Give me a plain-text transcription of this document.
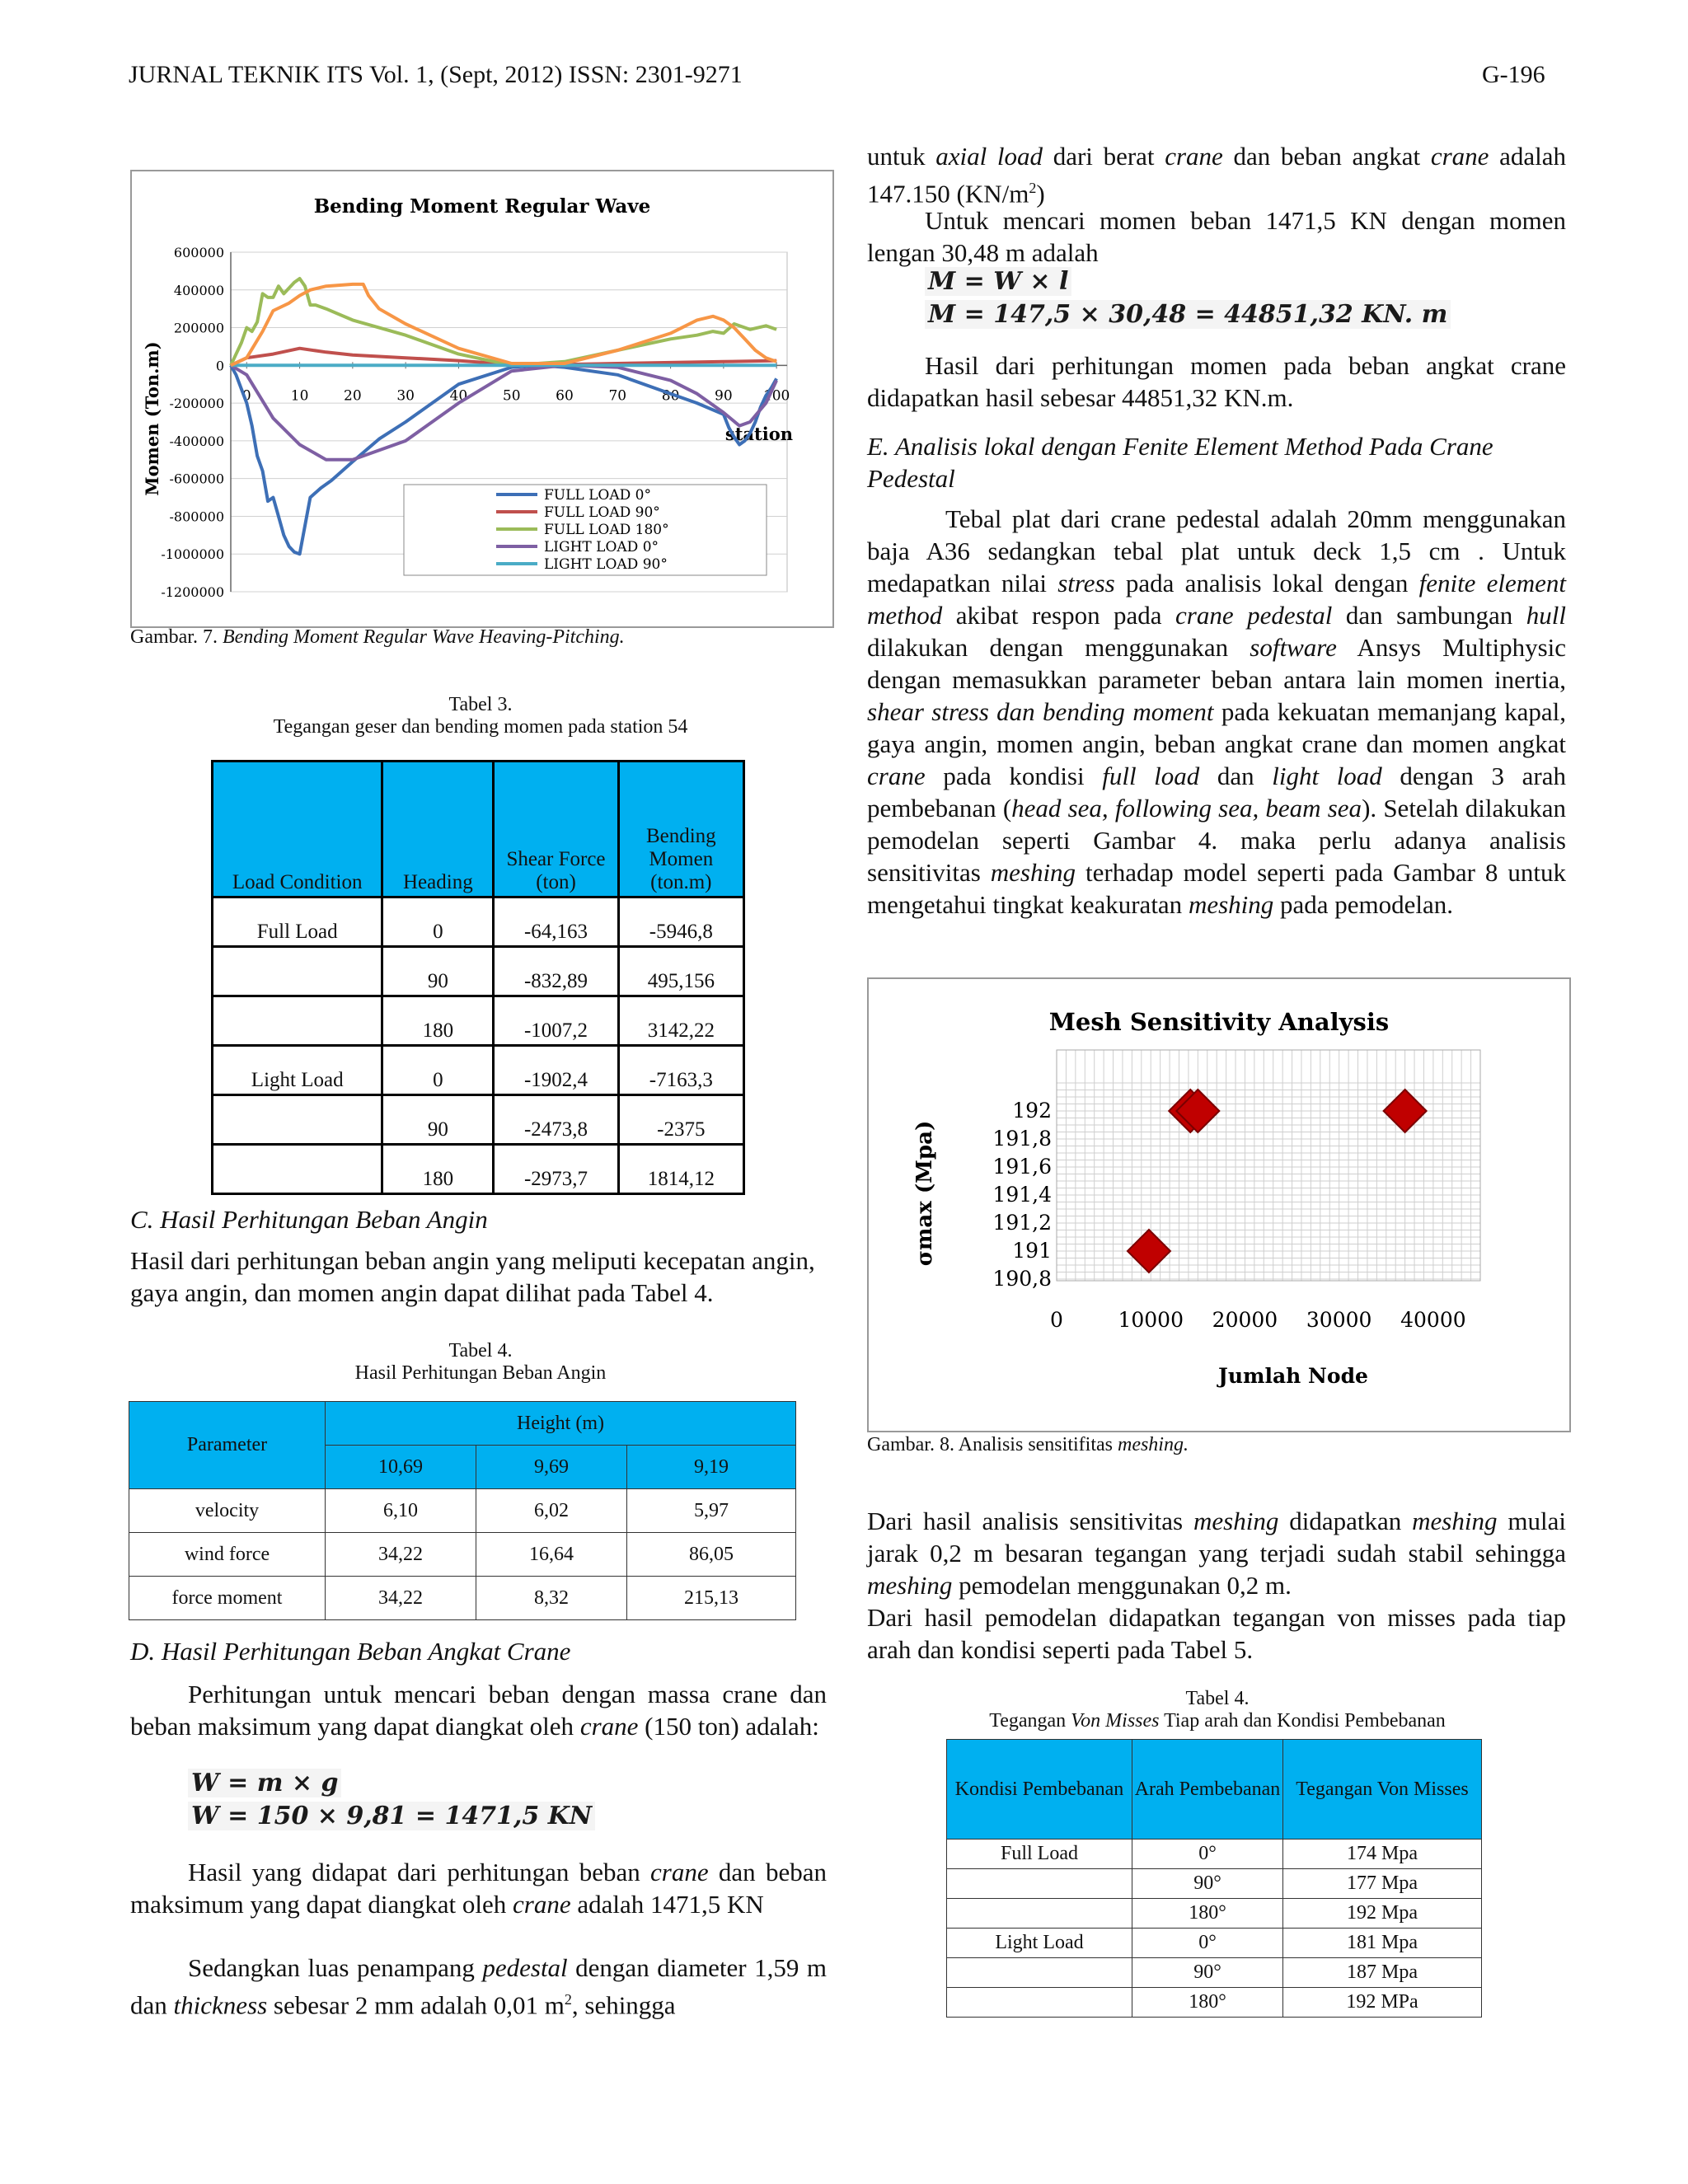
JURNAL TEKNIK ITS Vol. 1, (Sept, 2012) ISSN: 2301-9271	G-196
Bending Moment Regular Wave
600000
400000
200000
0
-200000
-400000
-600000
-800000
-1000000
-1200000
0	10	20	30	40	50	60	70	80	90 100
station
Momen (Ton.m)	FULL LOAD 0°
FULL LOAD 90°
FULL LOAD 180°
LIGHT LOAD 0°
LIGHT LOAD 90°
Gambar. 7. Bending Moment Regular Wave Heaving-Pitching.
Tabel 3.
Tegangan geser dan bending momen pada station 54
Load Condition	Heading	Shear Force (ton)	Bending Momen (ton.m)
Full Load	0	-64,163	-5946,8
	90	-832,89	495,156
	180	-1007,2	3142,22
Light Load	0	-1902,4	-7163,3
	90	-2473,8	-2375
	180	-2973,7	1814,12
C. Hasil Perhitungan Beban Angin
Hasil dari perhitungan beban angin yang meliputi kecepatan angin, gaya angin, dan momen angin dapat dilihat pada Tabel 4.
Tabel 4.
Hasil Perhitungan Beban Angin
Parameter	Height (m)		
	10,69	9,69	9,19
velocity	6,10	6,02	5,97
wind force	34,22	16,64	86,05
force moment	34,22	8,32	215,13
D. Hasil Perhitungan Beban Angkat Crane
Perhitungan untuk mencari beban dengan massa crane dan beban maksimum yang dapat diangkat oleh crane (150 ton) adalah:
W = m × g
W = 150 × 9,81 = 1471,5 KN
Hasil yang didapat dari perhitungan beban crane dan beban maksimum yang dapat diangkat oleh crane adalah 1471,5 KN
Sedangkan luas penampang pedestal dengan diameter 1,59 m dan thickness sebesar 2 mm adalah 0,01 $m^2$, sehingga
untuk axial load dari berat crane dan beban angkat crane adalah 147.150 $(KN/m^2)$
Untuk mencari momen beban 1471,5 KN dengan momen lengan 30,48 m adalah
M = W × l
M = 147,5 × 30,48 = 44851,32 KN. m
Hasil dari perhitungan momen pada beban angkat crane didapatkan hasil sebesar 44851,32 KN.m.
E. Analisis lokal dengan Fenite Element Method Pada Crane Pedestal
Tebal plat dari crane pedestal adalah 20mm menggunakan baja A36 sedangkan tebal plat untuk deck 1,5 cm . Untuk medapatkan nilai stress pada analisis lokal dengan fenite element method akibat respon pada crane pedestal dan sambungan hull dilakukan dengan menggunakan software Ansys Multiphysic dengan memasukkan parameter beban antara lain momen inertia, shear stress dan bending moment pada kekuatan memanjang kapal, gaya angin, momen angin, beban angkat crane dan momen angkat crane pada kondisi full load dan light load dengan 3 arah pembebanan (head sea, following sea, beam sea). Setelah dilakukan pemodelan seperti Gambar 4. maka perlu adanya analisis sensitivitas meshing terhadap model seperti pada Gambar 8 untuk mengetahui tingkat keakuratan meshing pada pemodelan.
Mesh Sensitivity Analysis
192
191,8
191,6
191,4
191,2
191
190,8
0	10000 20000 30000 40000
Jumlah Node
σmax (Mpa)
Gambar. 8. Analisis sensitifitas meshing.
Dari hasil analisis sensitivitas meshing didapatkan meshing mulai jarak 0,2 m besaran tegangan yang terjadi sudah stabil sehingga meshing pemodelan menggunakan 0,2 m.
Dari hasil pemodelan didapatkan tegangan von misses pada tiap arah dan kondisi seperti pada Tabel 5.
Tabel 4.
Tegangan Von Misses Tiap arah dan Kondisi Pembebanan
Kondisi Pembebanan	Arah Pembebanan	Tegangan Von Misses
Full Load	0°	174 Mpa
	90°	177 Mpa
	180°	192 Mpa
Light Load	0°	181 Mpa
	90°	187 Mpa
	180°	192 MPa
